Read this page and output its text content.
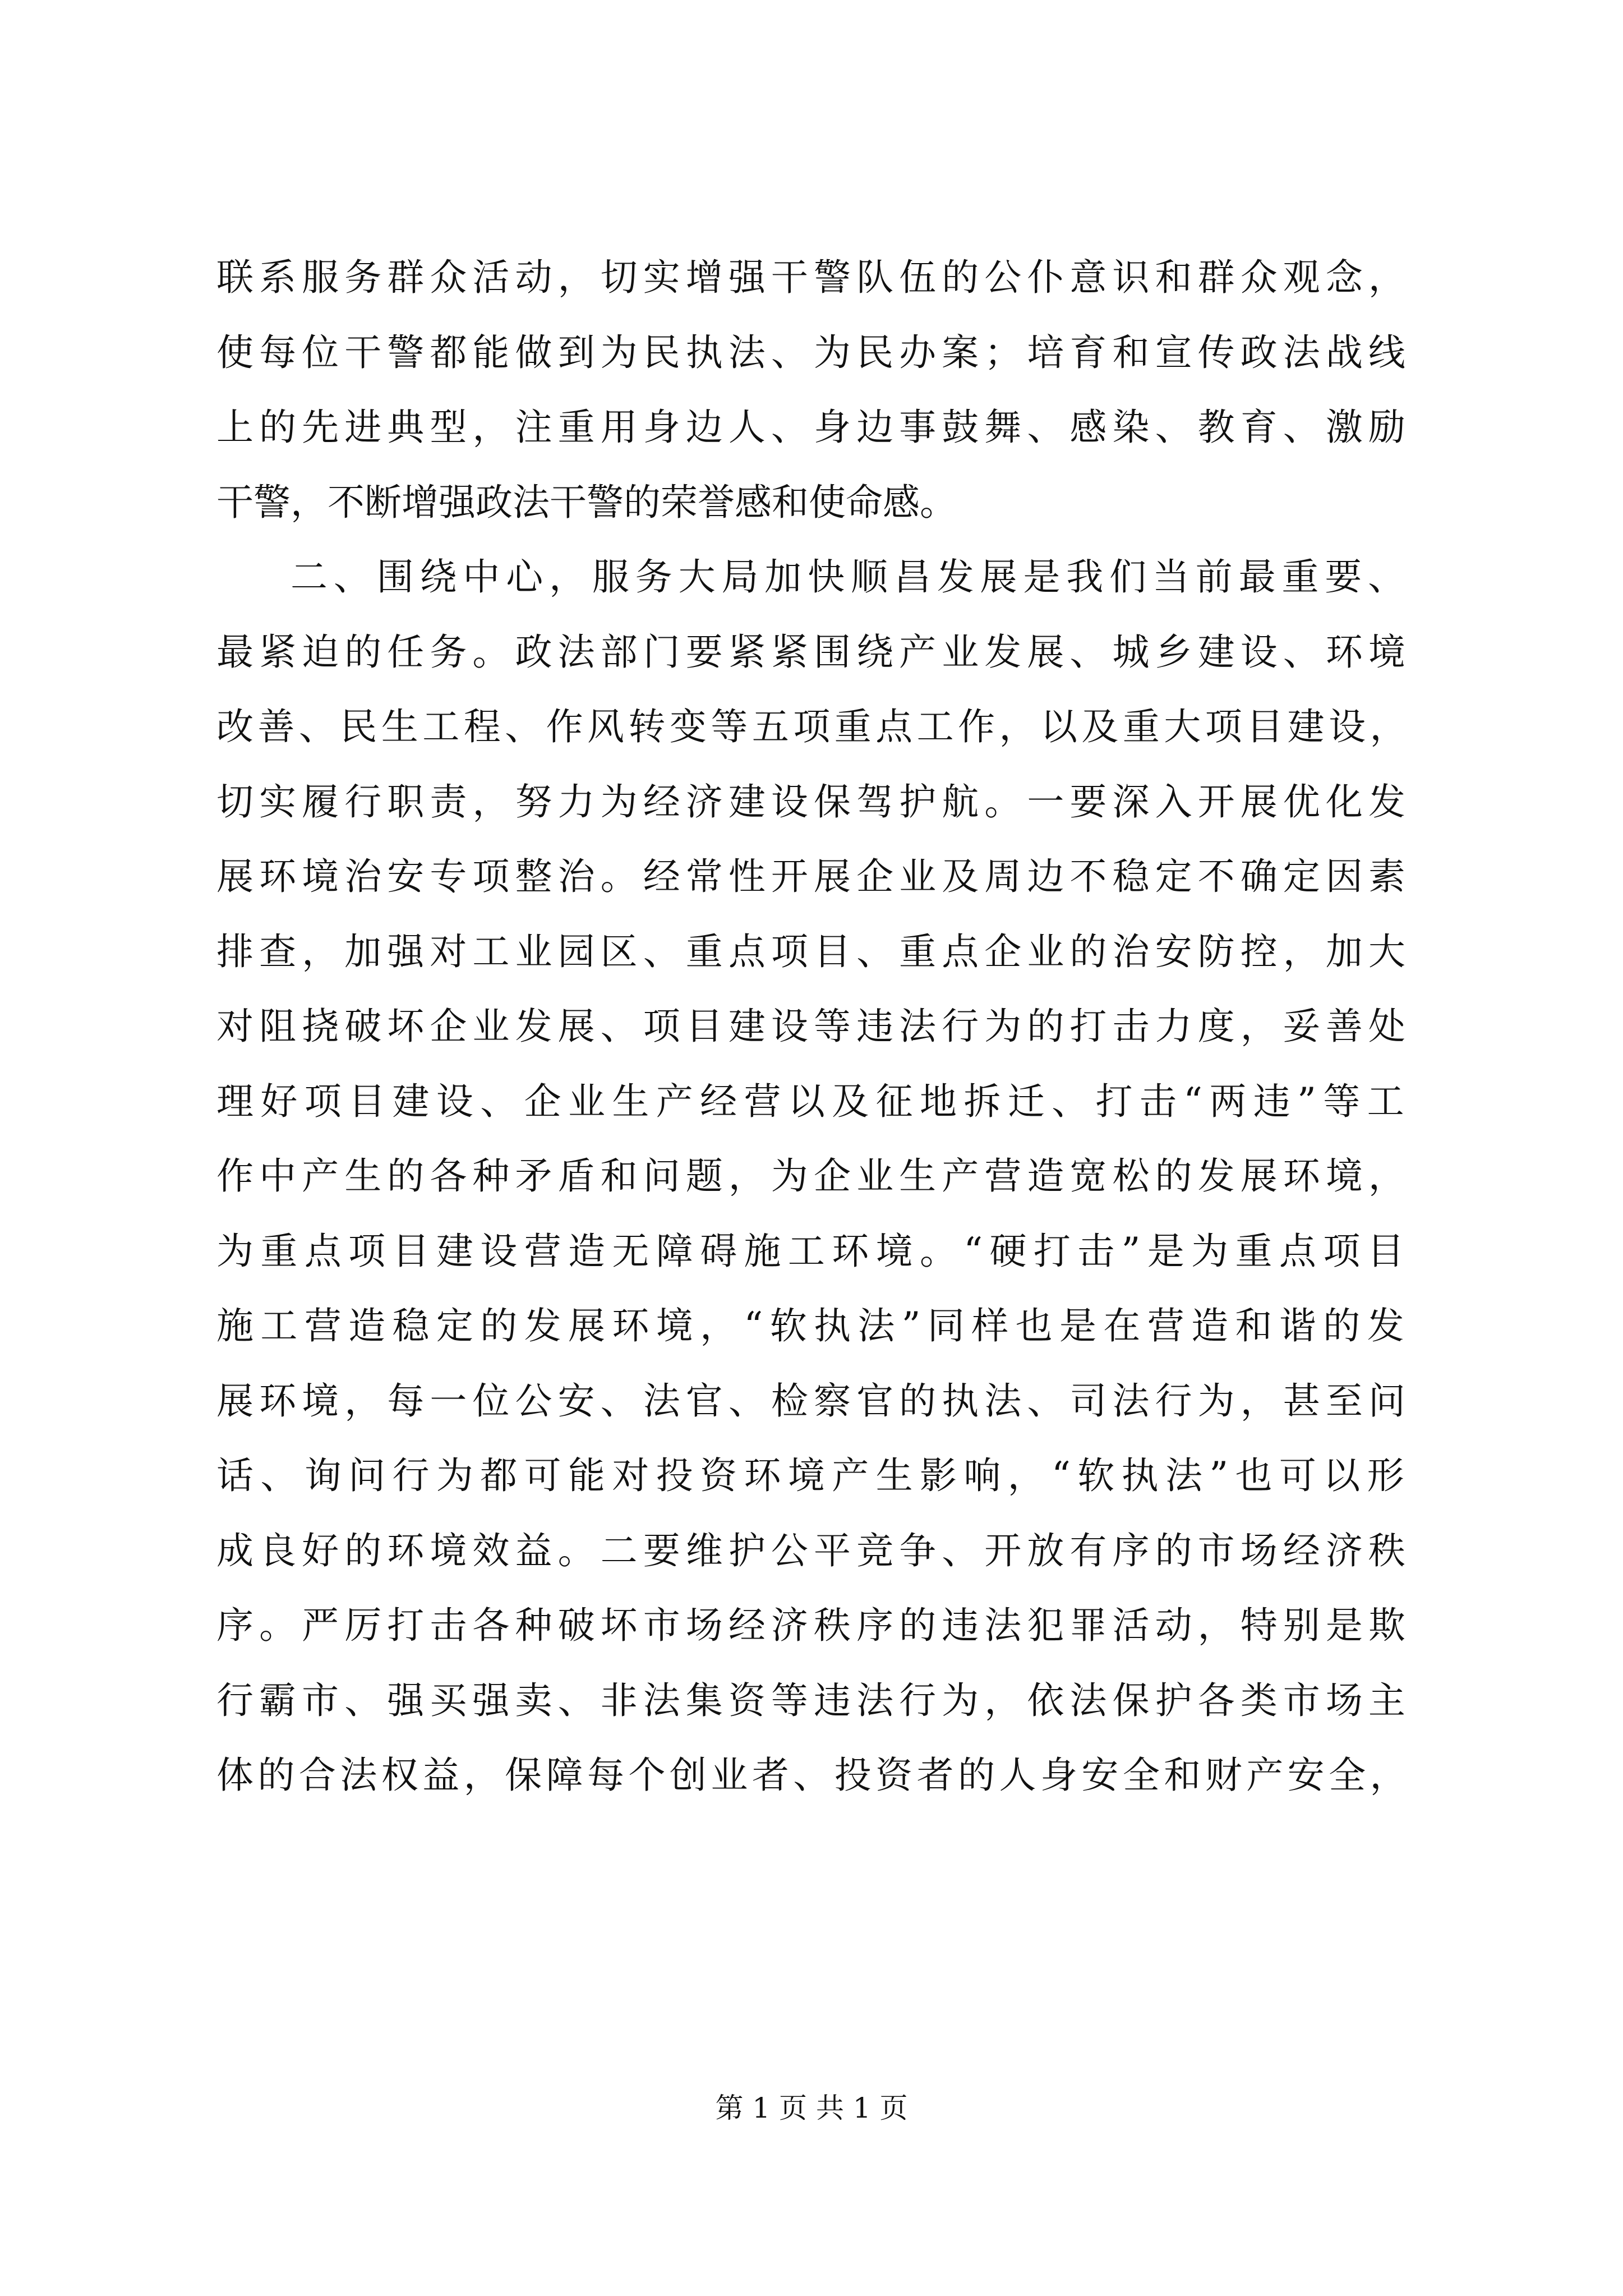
联系服务群众活动，切实增强干警队伍的公仆意识和群众观念，
使每位干警都能做到为民执法、为民办案；培育和宣传政法战线
上的先进典型，注重用身边人、身边事鼓舞、感染、教育、激励
干警，不断增强政法干警的荣誉感和使命感。
二、围绕中心，服务大局加快顺昌发展是我们当前最重要、
最紧迫的任务。政法部门要紧紧围绕产业发展、城乡建设、环境
改善、民生工程、作风转变等五项重点工作，以及重大项目建设，
切实履行职责，努力为经济建设保驾护航。一要深入开展优化发
展环境治安专项整治。经常性开展企业及周边不稳定不确定因素
排查，加强对工业园区、重点项目、重点企业的治安防控，加大
对阻挠破坏企业发展、项目建设等违法行为的打击力度，妥善处
理好项目建设、企业生产经营以及征地拆迁、打击“两违”等工
作中产生的各种矛盾和问题，为企业生产营造宽松的发展环境，
为重点项目建设营造无障碍施工环境。“硬打击”是为重点项目
施工营造稳定的发展环境，“软执法”同样也是在营造和谐的发
展环境，每一位公安、法官、检察官的执法、司法行为，甚至问
话、询问行为都可能对投资环境产生影响，“软执法”也可以形
成良好的环境效益。二要维护公平竞争、开放有序的市场经济秩
序。严厉打击各种破坏市场经济秩序的违法犯罪活动，特别是欺
行霸市、强买强卖、非法集资等违法行为，依法保护各类市场主
体的合法权益，保障每个创业者、投资者的人身安全和财产安全，
第 1 页 共 1 页
